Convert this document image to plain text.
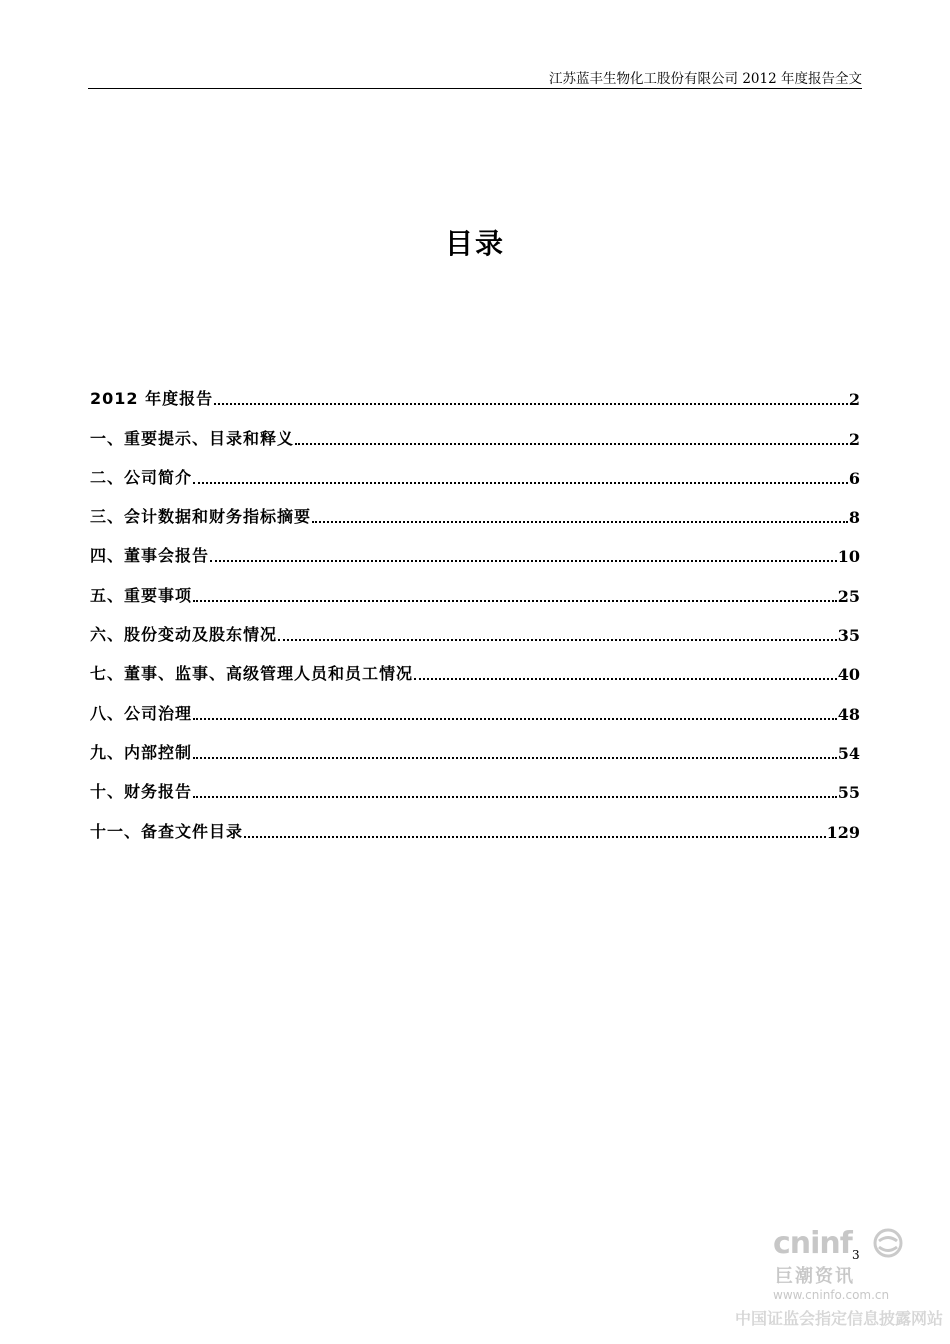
江苏蓝丰生物化工股份有限公司 2012 年度报告全文
目录
2012 年度报告	2
一、重要提示、目录和释义	2
二、公司简介	6
三、会计数据和财务指标摘要	8
四、董事会报告	10
五、重要事项	25
六、股份变动及股东情况	35
七、董事、监事、高级管理人员和员工情况	40
八、公司治理	48
九、内部控制	54
十、财务报告	55
十一、备查文件目录	129
3
cninf
巨潮资讯
www.cninfo.com.cn
中国证监会指定信息披露网站
